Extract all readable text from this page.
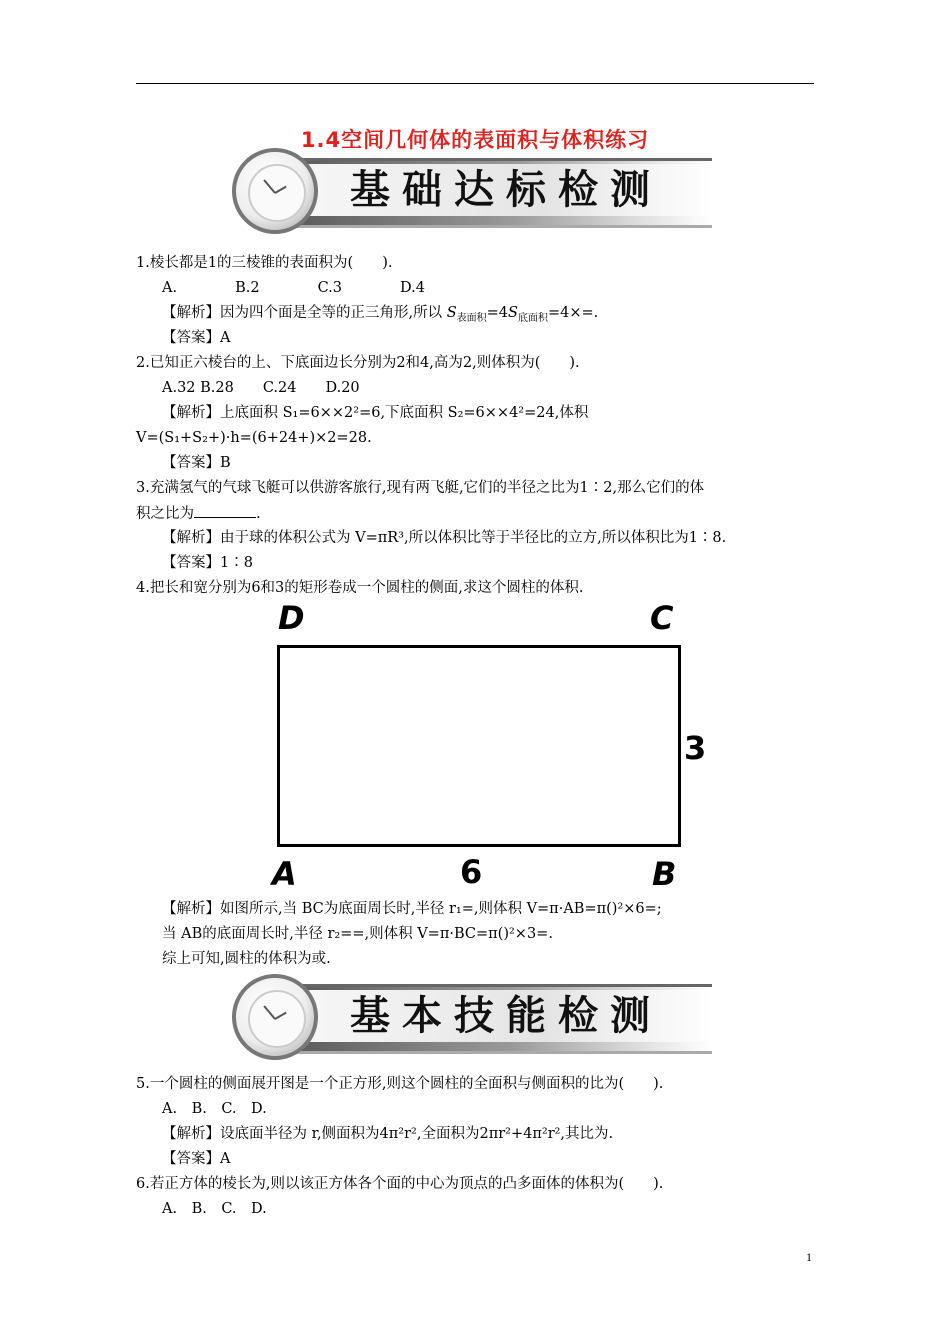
1.4空间几何体的表面积与体积练习
基础达标检测
1.棱长都是1的三棱锥的表面积为(　　).
A.　　　　B.2　　　　C.3　　　　D.4
【解析】因为四个面是全等的正三角形,所以 $S_{表面积}=4S_{底面积}=4\times=$.
【答案】A
2.已知正六棱台的上、下底面边长分别为2和4,高为2,则体积为(　　).
A.32 B.28　　C.24　　D.20
【解析】上底面积 S₁=6××2²=6,下底面积 S₂=6××4²=24,体积
V=(S₁+S₂+)·h=(6+24+)×2=28.
【答案】B
3.充满氢气的气球飞艇可以供游客旅行,现有两飞艇,它们的半径之比为1∶2,那么它们的体
积之比为	.
【解析】由于球的体积公式为 V=πR³,所以体积比等于半径比的立方,所以体积比为1∶8.
【答案】1∶8
4.把长和宽分别为6和3的矩形卷成一个圆柱的侧面,求这个圆柱的体积.
D	C
A	B
6
3
【解析】如图所示,当 BC为底面周长时,半径 r₁=,则体积 V=π·AB=π()²×6=;
当 AB的底面周长时,半径 r₂==,则体积 V=π·BC=π()²×3=.
综上可知,圆柱的体积为或.
基本技能检测
5.一个圆柱的侧面展开图是一个正方形,则这个圆柱的全面积与侧面积的比为(　　).
A.　B.　C.　D.
【解析】设底面半径为 r,侧面积为4π²r²,全面积为2πr²+4π²r²,其比为.
【答案】A
6.若正方体的棱长为,则以该正方体各个面的中心为顶点的凸多面体的体积为(　　).
A.　B.　C.　D.
1
